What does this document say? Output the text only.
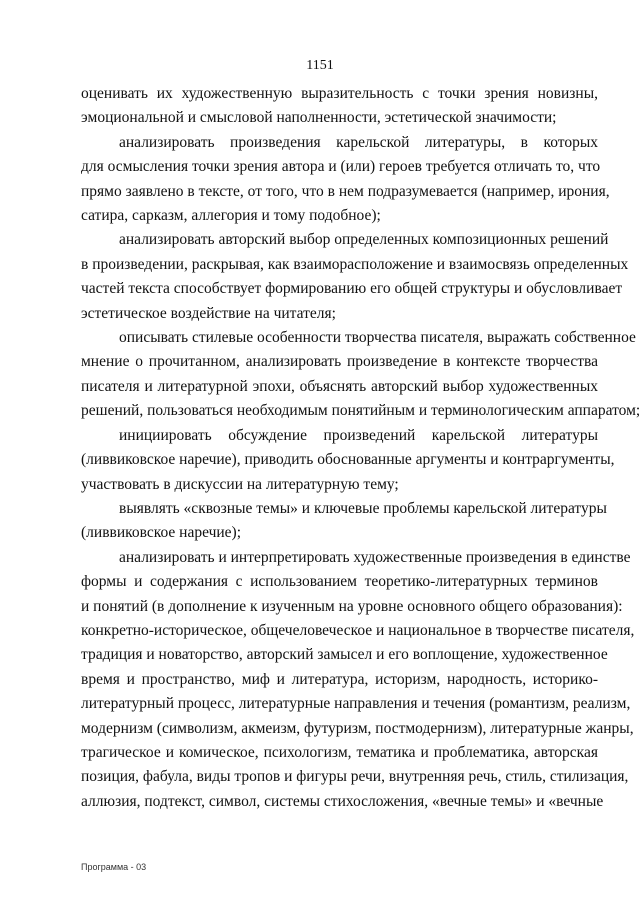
1151
оценивать их художественную выразительность с точки зрения новизны,
эмоциональной и смысловой наполненности, эстетической значимости;
анализировать произведения карельской литературы, в которых
для осмысления точки зрения автора и (или) героев требуется отличать то, что
прямо заявлено в тексте, от того, что в нем подразумевается (например, ирония,
сатира, сарказм, аллегория и тому подобное);
анализировать авторский выбор определенных композиционных решений
в произведении, раскрывая, как взаиморасположение и взаимосвязь определенных
частей текста способствует формированию его общей структуры и обусловливает
эстетическое воздействие на читателя;
описывать стилевые особенности творчества писателя, выражать собственное
мнение о прочитанном, анализировать произведение в контексте творчества
писателя и литературной эпохи, объяснять авторский выбор художественных
решений, пользоваться необходимым понятийным и терминологическим аппаратом;
инициировать обсуждение произведений карельской литературы
(ливвиковское наречие), приводить обоснованные аргументы и контраргументы,
участвовать в дискуссии на литературную тему;
выявлять «сквозные темы» и ключевые проблемы карельской литературы
(ливвиковское наречие);
анализировать и интерпретировать художественные произведения в единстве
формы и содержания с использованием теоретико-литературных терминов
и понятий (в дополнение к изученным на уровне основного общего образования):
конкретно-историческое, общечеловеческое и национальное в творчестве писателя,
традиция и новаторство, авторский замысел и его воплощение, художественное
время и пространство, миф и литература, историзм, народность, историко-
литературный процесс, литературные направления и течения (романтизм, реализм,
модернизм (символизм, акмеизм, футуризм, постмодернизм), литературные жанры,
трагическое и комическое, психологизм, тематика и проблематика, авторская
позиция, фабула, виды тропов и фигуры речи, внутренняя речь, стиль, стилизация,
аллюзия, подтекст, символ, системы стихосложения, «вечные темы» и «вечные
Программа - 03
